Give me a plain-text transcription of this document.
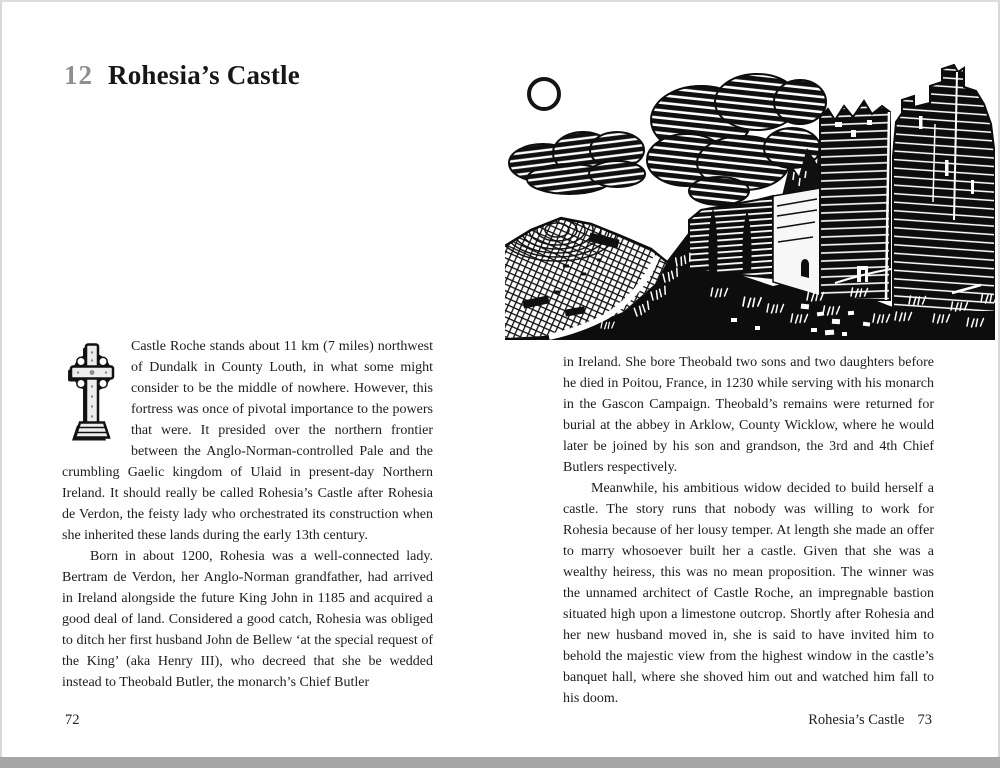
12 Rohesia’s Castle

Castle Roche stands about 11 km (7 miles) northwest of Dundalk in County Louth, in what some might consider to be the middle of nowhere. However, this fortress was once of pivotal importance to the powers that were. It presided over the northern frontier between the Anglo-Norman-controlled Pale and the crumbling Gaelic kingdom of Ulaid in present-day Northern Ireland. It should really be called Rohesia’s Castle after Rohesia de Verdon, the feisty lady who orchestrated its construction when she inherited these lands during the early 13th century.

Born in about 1200, Rohesia was a well-connected lady. Bertram de Verdon, her Anglo-Norman grandfather, had arrived in Ireland alongside the future King John in 1185 and acquired a good deal of land. Considered a good catch, Rohesia was obliged to ditch her first husband John de Bellew ‘at the special request of the King’ (aka Henry III), who decreed that she be wedded instead to Theobald Butler, the monarch’s Chief Butler

in Ireland. She bore Theobald two sons and two daughters before he died in Poitou, France, in 1230 while serving with his monarch in the Gascon Campaign. Theobald’s remains were returned for burial at the abbey in Arklow, County Wicklow, where he would later be joined by his son and grandson, the 3rd and 4th Chief Butlers respectively.

Meanwhile, his ambitious widow decided to build herself a castle. The story runs that nobody was willing to work for Rohesia because of her lousy temper. At length she made an offer to marry whosoever built her a castle. Given that she was a wealthy heiress, this was no mean proposition. The winner was the unnamed architect of Castle Roche, an impregnable bastion situated high upon a limestone outcrop. Shortly after Rohesia and her new husband moved in, she is said to have invited him to behold the majestic view from the highest window in the castle’s banquet hall, where she shoved him out and watched him fall to his doom.

72	Rohesia’s Castle 73
